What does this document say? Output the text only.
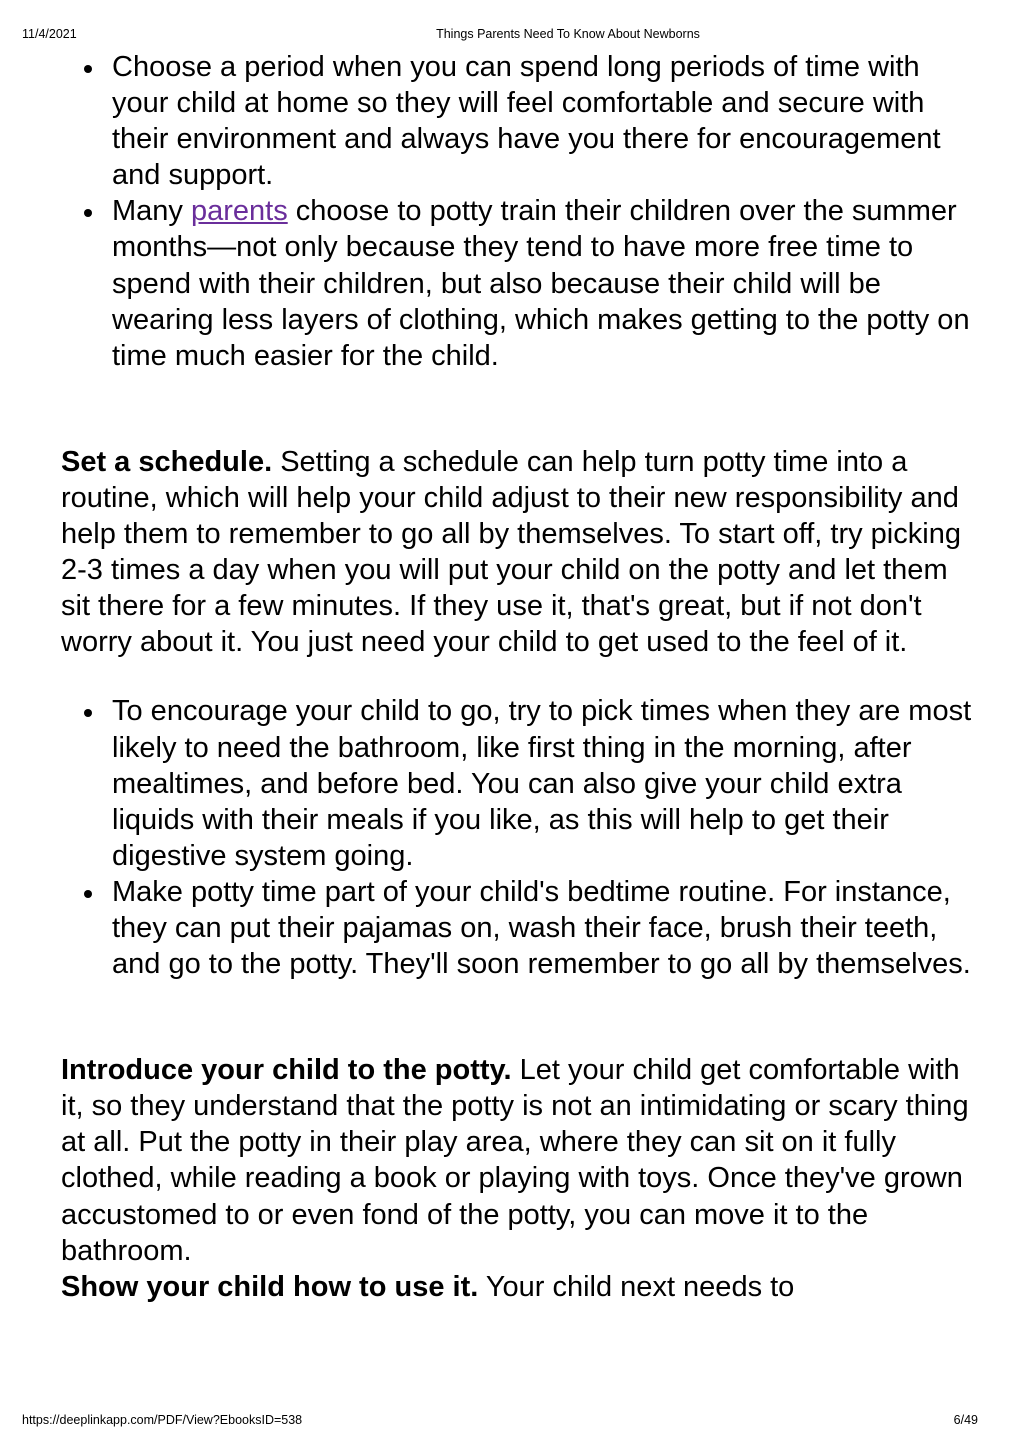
11/4/2021	Things Parents Need To Know About Newborns
Choose a period when you can spend long periods of time with your child at home so they will feel comfortable and secure with their environment and always have you there for encouragement and support.
Many parents choose to potty train their children over the summer months—not only because they tend to have more free time to spend with their children, but also because their child will be wearing less layers of clothing, which makes getting to the potty on time much easier for the child.

Set a schedule. Setting a schedule can help turn potty time into a routine, which will help your child adjust to their new responsibility and help them to remember to go all by themselves. To start off, try picking 2-3 times a day when you will put your child on the potty and let them sit there for a few minutes. If they use it, that's great, but if not don't worry about it. You just need your child to get used to the feel of it.

To encourage your child to go, try to pick times when they are most likely to need the bathroom, like first thing in the morning, after mealtimes, and before bed. You can also give your child extra liquids with their meals if you like, as this will help to get their digestive system going.
Make potty time part of your child's bedtime routine. For instance, they can put their pajamas on, wash their face, brush their teeth, and go to the potty. They'll soon remember to go all by themselves.

Introduce your child to the potty. Let your child get comfortable with it, so they understand that the potty is not an intimidating or scary thing at all. Put the potty in their play area, where they can sit on it fully clothed, while reading a book or playing with toys. Once they've grown accustomed to or even fond of the potty, you can move it to the bathroom.

Show your child how to use it. Your child next needs to

https://deeplinkapp.com/PDF/View?EbooksID=538	6/49
